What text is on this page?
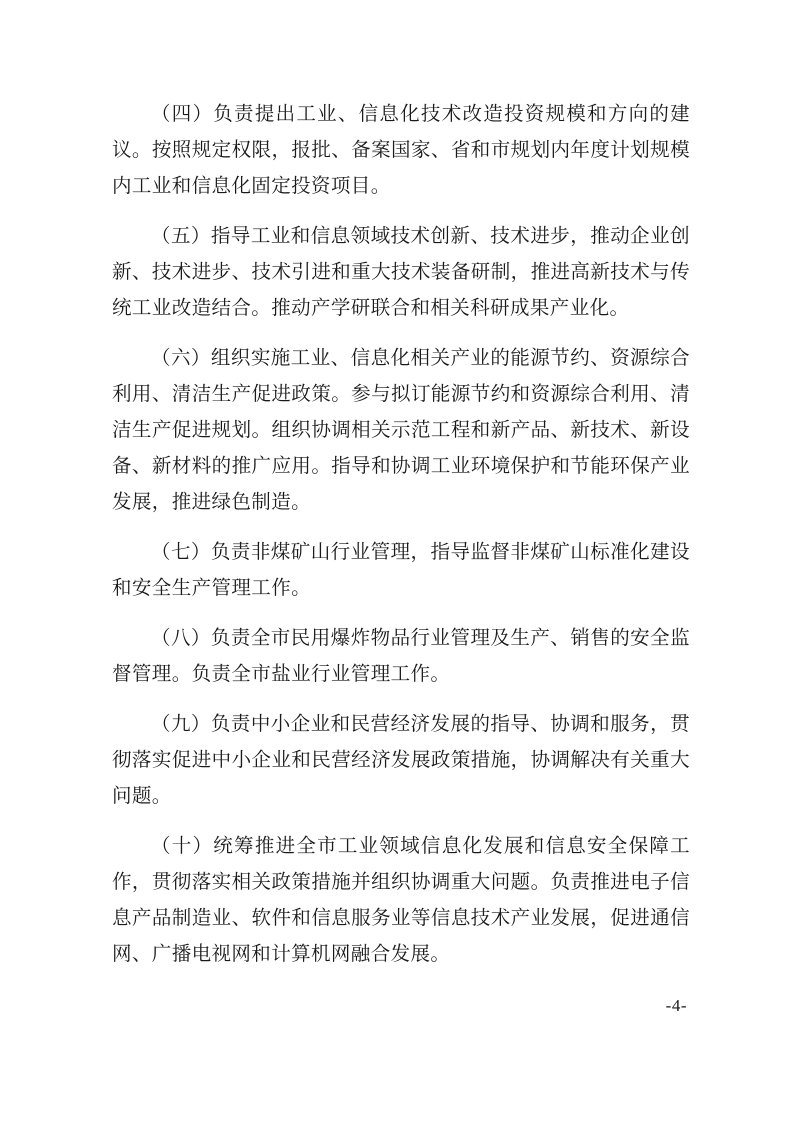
（四）负责提出工业、信息化技术改造投资规模和方向的建议。按照规定权限，报批、备案国家、省和市规划内年度计划规模内工业和信息化固定投资项目。

（五）指导工业和信息领域技术创新、技术进步，推动企业创新、技术进步、技术引进和重大技术装备研制，推进高新技术与传统工业改造结合。推动产学研联合和相关科研成果产业化。

（六）组织实施工业、信息化相关产业的能源节约、资源综合利用、清洁生产促进政策。参与拟订能源节约和资源综合利用、清洁生产促进规划。组织协调相关示范工程和新产品、新技术、新设备、新材料的推广应用。指导和协调工业环境保护和节能环保产业发展，推进绿色制造。

（七）负责非煤矿山行业管理，指导监督非煤矿山标准化建设和安全生产管理工作。

（八）负责全市民用爆炸物品行业管理及生产、销售的安全监督管理。负责全市盐业行业管理工作。

（九）负责中小企业和民营经济发展的指导、协调和服务，贯彻落实促进中小企业和民营经济发展政策措施，协调解决有关重大问题。

（十）统筹推进全市工业领域信息化发展和信息安全保障工作，贯彻落实相关政策措施并组织协调重大问题。负责推进电子信息产品制造业、软件和信息服务业等信息技术产业发展，促进通信网、广播电视网和计算机网融合发展。

-4-
